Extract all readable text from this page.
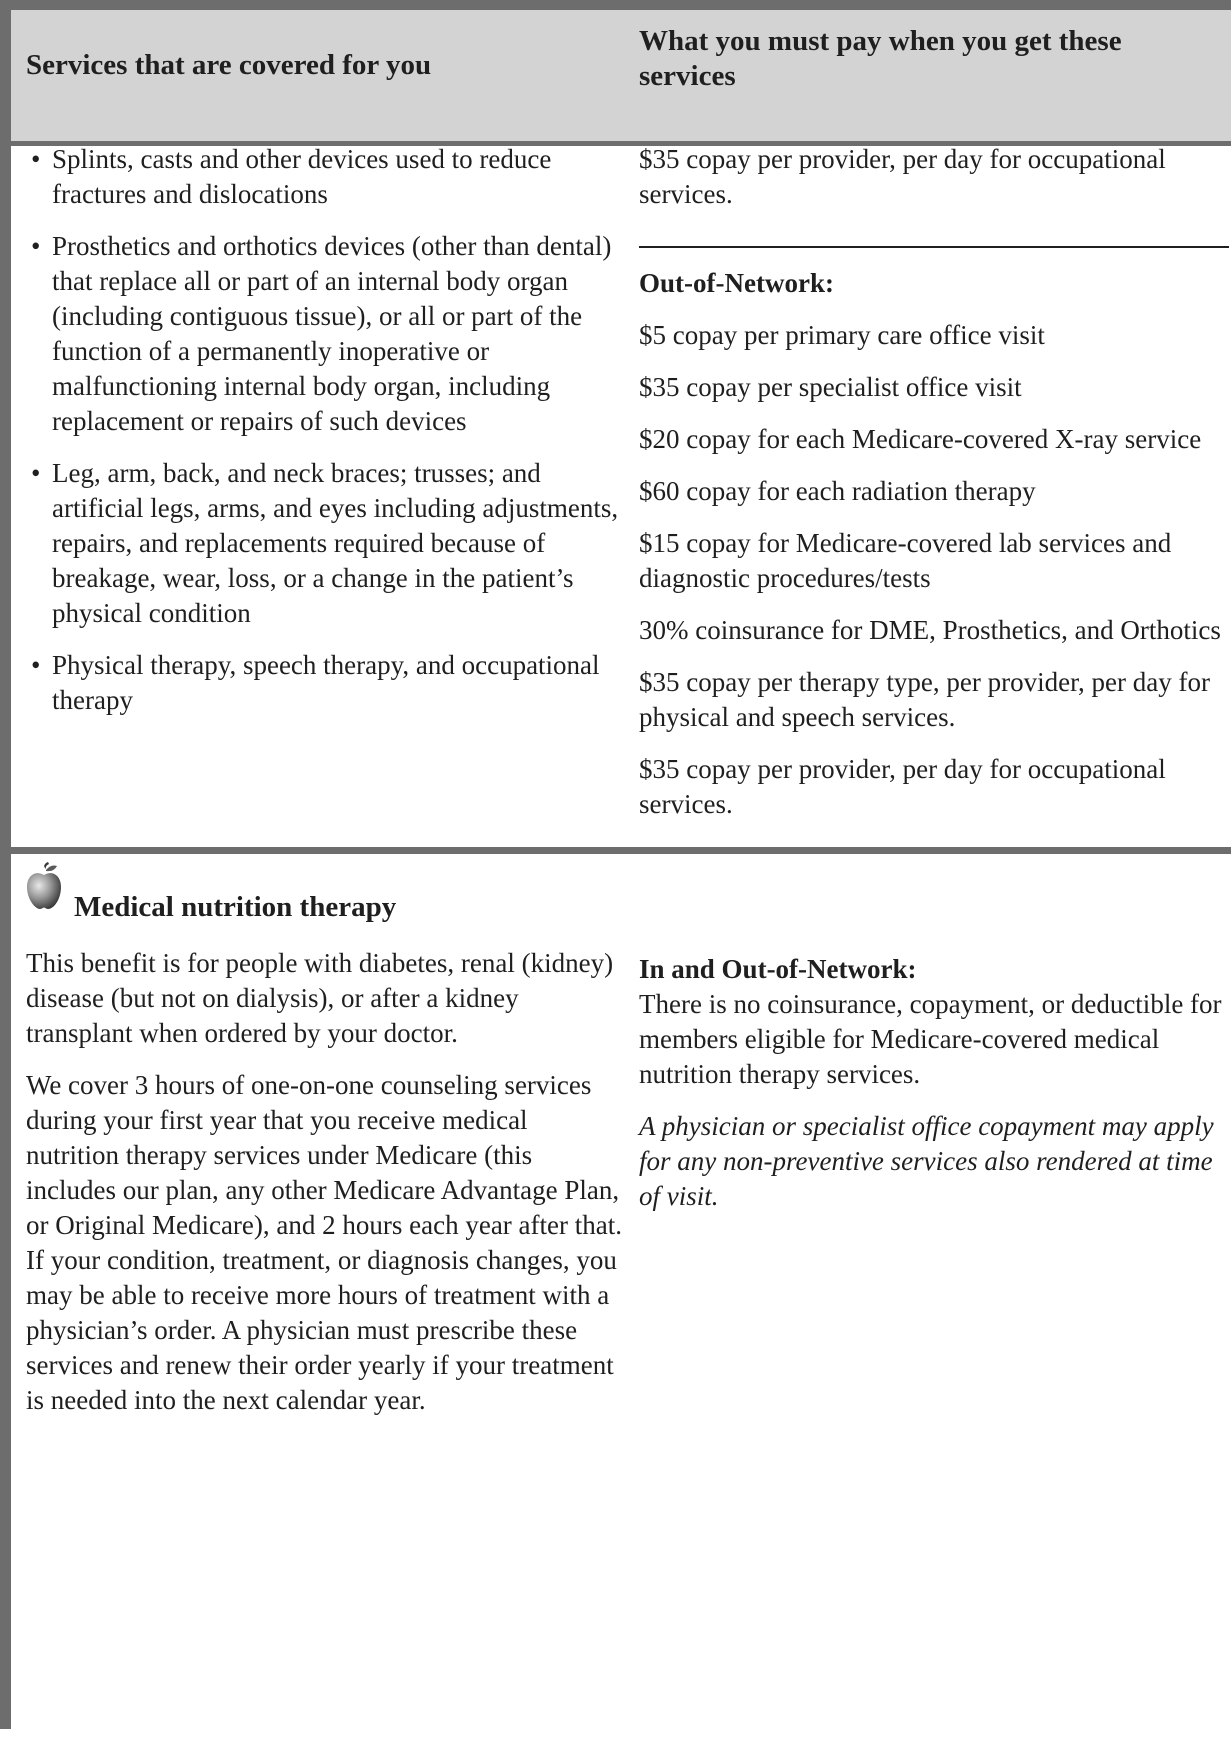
Services that are covered for you
What you must pay when you get these services
• Splints, casts and other devices used to reduce fractures and dislocations
• Prosthetics and orthotics devices (other than dental) that replace all or part of an internal body organ (including contiguous tissue), or all or part of the function of a permanently inoperative or malfunctioning internal body organ, including replacement or repairs of such devices
• Leg, arm, back, and neck braces; trusses; and artificial legs, arms, and eyes including adjustments, repairs, and replacements required because of breakage, wear, loss, or a change in the patient’s physical condition
• Physical therapy, speech therapy, and occupational therapy

$35 copay per provider, per day for occupational services.

Out-of-Network:

$5 copay per primary care office visit

$35 copay per specialist office visit

$20 copay for each Medicare-covered X-ray service

$60 copay for each radiation therapy

$15 copay for Medicare-covered lab services and diagnostic procedures/tests

30% coinsurance for DME, Prosthetics, and Orthotics

$35 copay per therapy type, per provider, per day for physical and speech services.

$35 copay per provider, per day for occupational services.

Medical nutrition therapy

This benefit is for people with diabetes, renal (kidney) disease (but not on dialysis), or after a kidney transplant when ordered by your doctor.

We cover 3 hours of one-on-one counseling services during your first year that you receive medical nutrition therapy services under Medicare (this includes our plan, any other Medicare Advantage Plan, or Original Medicare), and 2 hours each year after that. If your condition, treatment, or diagnosis changes, you may be able to receive more hours of treatment with a physician’s order. A physician must prescribe these services and renew their order yearly if your treatment is needed into the next calendar year.

In and Out-of-Network:

There is no coinsurance, copayment, or deductible for members eligible for Medicare-covered medical nutrition therapy services.

A physician or specialist office copayment may apply for any non-preventive services also rendered at time of visit.
